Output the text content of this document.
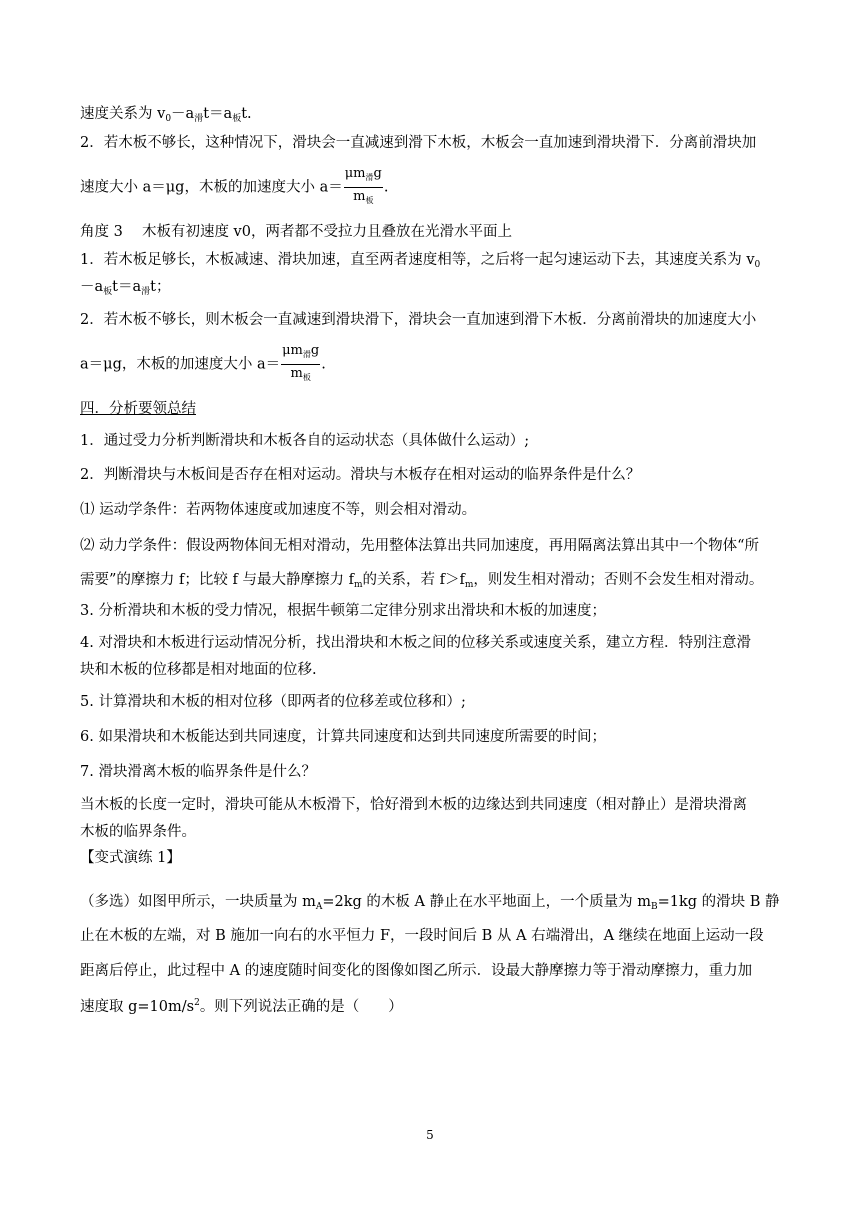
速度关系为 $v_0-a_滑t=a_板t$.
2．若木板不够长，这种情况下，滑块会一直减速到滑下木板，木板会一直加速到滑块滑下．分离前滑块加
速度大小 a＝μg，木板的加速度大小 $a= \frac{\mu m_滑g}{m_板}$ .
角度 3　 木板有初速度 v0，两者都不受拉力且叠放在光滑水平面上
1．若木板足够长，木板减速、滑块加速，直至两者速度相等，之后将一起匀速运动下去，其速度关系为 $v_0$
$-a_板t=a_滑t$；
2．若木板不够长，则木板会一直减速到滑块滑下，滑块会一直加速到滑下木板．分离前滑块的加速度大小
a＝μg，木板的加速度大小 $a= \frac{\mu m_滑g}{m_板}$ .
四．分析要领总结
1．通过受力分析判断滑块和木板各自的运动状态（具体做什么运动）;
2．判断滑块与木板间是否存在相对运动。滑块与木板存在相对运动的临界条件是什么？
⑴ 运动学条件：若两物体速度或加速度不等，则会相对滑动。
⑵ 动力学条件：假设两物体间无相对滑动，先用整体法算出共同加速度，再用隔离法算出其中一个物体“所
需要”的摩擦力 f；比较 f 与最大静摩擦力 $f_m$的关系，若 $f>f_m$，则发生相对滑动；否则不会发生相对滑动。
3. 分析滑块和木板的受力情况，根据牛顿第二定律分别求出滑块和木板的加速度；
4. 对滑块和木板进行运动情况分析，找出滑块和木板之间的位移关系或速度关系，建立方程．特别注意滑
块和木板的位移都是相对地面的位移.
5. 计算滑块和木板的相对位移（即两者的位移差或位移和）;
6. 如果滑块和木板能达到共同速度，计算共同速度和达到共同速度所需要的时间；
7. 滑块滑离木板的临界条件是什么？
当木板的长度一定时，滑块可能从木板滑下，恰好滑到木板的边缘达到共同速度（相对静止）是滑块滑离
木板的临界条件。
【变式演练 1】
（多选）如图甲所示，一块质量为 $m_A=2kg$ 的木板 A 静止在水平地面上，一个质量为 $m_B=1kg$ 的滑块 B 静
止在木板的左端，对 B 施加一向右的水平恒力 F，一段时间后 B 从 A 右端滑出，A 继续在地面上运动一段
距离后停止，此过程中 A 的速度随时间变化的图像如图乙所示．设最大静摩擦力等于滑动摩擦力，重力加
速度取 $g=10m/s^2$。则下列说法正确的是（　　）
5
